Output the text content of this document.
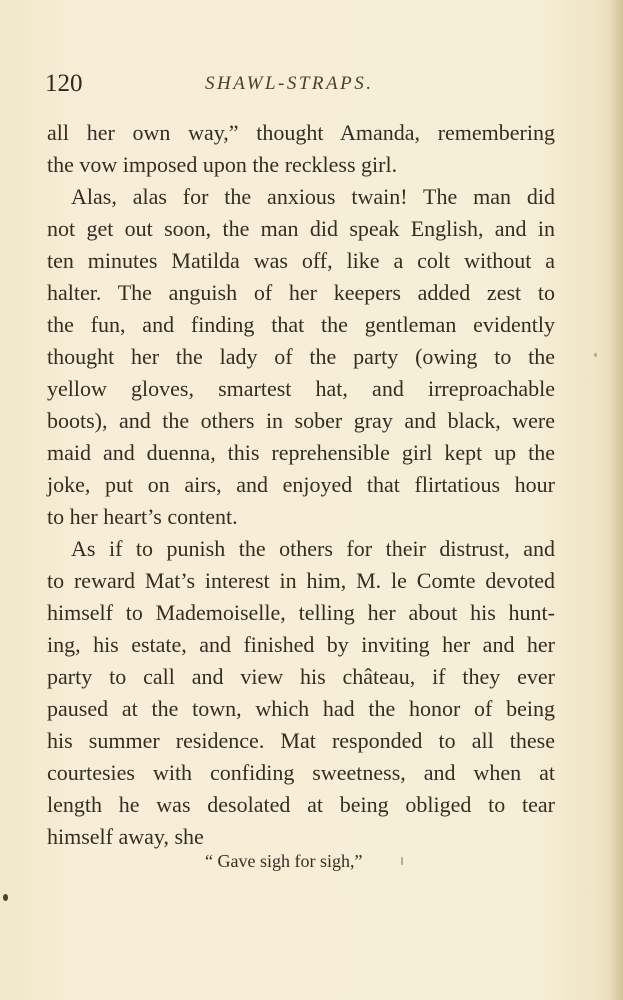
120	SHAWL-STRAPS.
all her own way,” thought Amanda, remembering
the vow imposed upon the reckless girl.
Alas, alas for the anxious twain! The man did
not get out soon, the man did speak English, and in
ten minutes Matilda was off, like a colt without a
halter. The anguish of her keepers added zest to
the fun, and finding that the gentleman evidently
thought her the lady of the party (owing to the
yellow gloves, smartest hat, and irreproachable
boots), and the others in sober gray and black, were
maid and duenna, this reprehensible girl kept up the
joke, put on airs, and enjoyed that flirtatious hour
to her heart’s content.
As if to punish the others for their distrust, and
to reward Mat’s interest in him, M. le Comte devoted
himself to Mademoiselle, telling her about his hunt-
ing, his estate, and finished by inviting her and her
party to call and view his château, if they ever
paused at the town, which had the honor of being
his summer residence. Mat responded to all these
courtesies with confiding sweetness, and when at
length he was desolated at being obliged to tear
himself away, she
“ Gave sigh for sigh,”
